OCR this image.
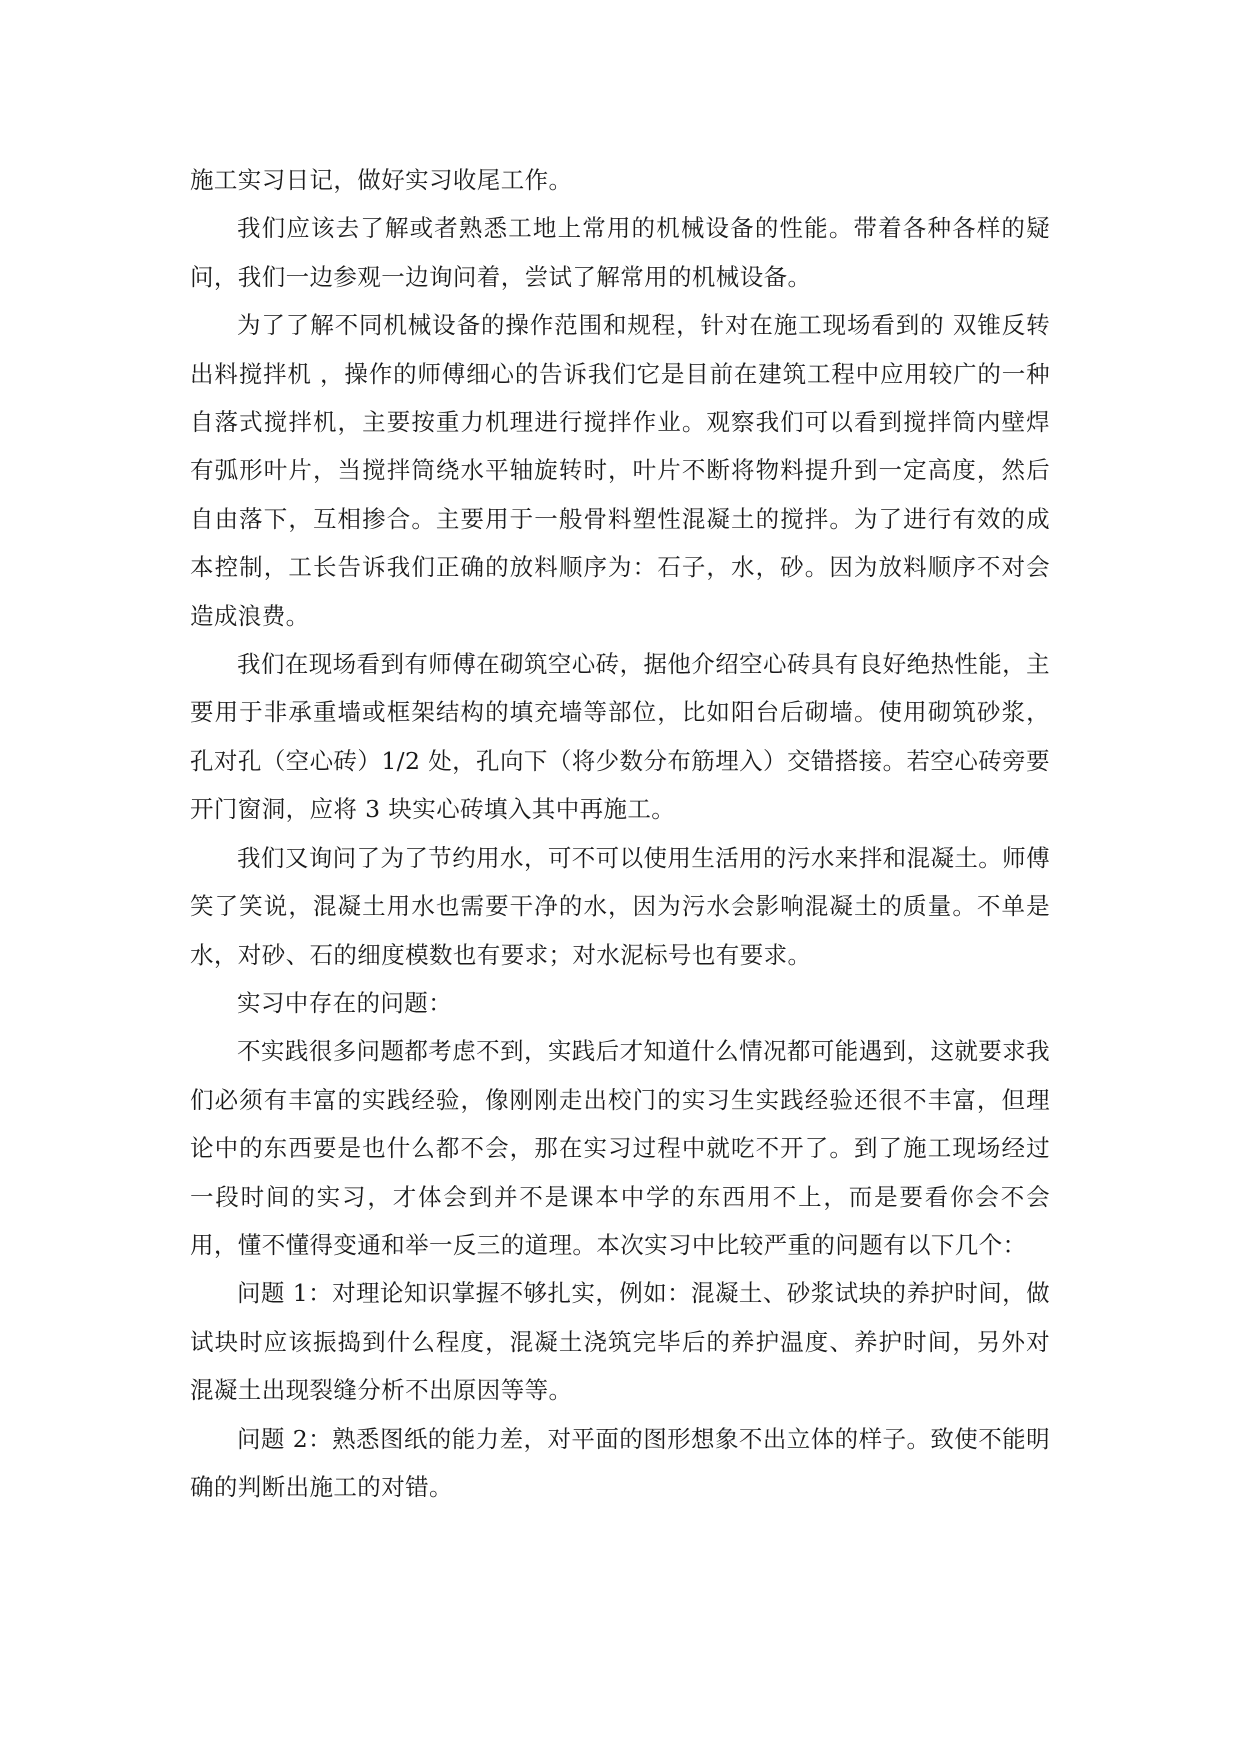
施工实习日记，做好实习收尾工作。

我们应该去了解或者熟悉工地上常用的机械设备的性能。带着各种各样的疑问，我们一边参观一边询问着，尝试了解常用的机械设备。

为了了解不同机械设备的操作范围和规程，针对在施工现场看到的 双锥反转出料搅拌机 ，操作的师傅细心的告诉我们它是目前在建筑工程中应用较广的一种自落式搅拌机，主要按重力机理进行搅拌作业。观察我们可以看到搅拌筒内壁焊有弧形叶片，当搅拌筒绕水平轴旋转时，叶片不断将物料提升到一定高度，然后自由落下，互相掺合。主要用于一般骨料塑性混凝土的搅拌。为了进行有效的成本控制，工长告诉我们正确的放料顺序为：石子，水，砂。因为放料顺序不对会造成浪费。

我们在现场看到有师傅在砌筑空心砖，据他介绍空心砖具有良好绝热性能，主要用于非承重墙或框架结构的填充墙等部位，比如阳台后砌墙。使用砌筑砂浆，孔对孔（空心砖）1/2 处，孔向下（将少数分布筋埋入）交错搭接。若空心砖旁要开门窗洞，应将 3 块实心砖填入其中再施工。

我们又询问了为了节约用水，可不可以使用生活用的污水来拌和混凝土。师傅笑了笑说，混凝土用水也需要干净的水，因为污水会影响混凝土的质量。不单是水，对砂、石的细度模数也有要求；对水泥标号也有要求。

实习中存在的问题：

不实践很多问题都考虑不到，实践后才知道什么情况都可能遇到，这就要求我们必须有丰富的实践经验，像刚刚走出校门的实习生实践经验还很不丰富，但理论中的东西要是也什么都不会，那在实习过程中就吃不开了。到了施工现场经过一段时间的实习，才体会到并不是课本中学的东西用不上，而是要看你会不会用，懂不懂得变通和举一反三的道理。本次实习中比较严重的问题有以下几个：

问题 1：对理论知识掌握不够扎实，例如：混凝土、砂浆试块的养护时间，做试块时应该振捣到什么程度，混凝土浇筑完毕后的养护温度、养护时间，另外对混凝土出现裂缝分析不出原因等等。

问题 2：熟悉图纸的能力差，对平面的图形想象不出立体的样子。致使不能明确的判断出施工的对错。
